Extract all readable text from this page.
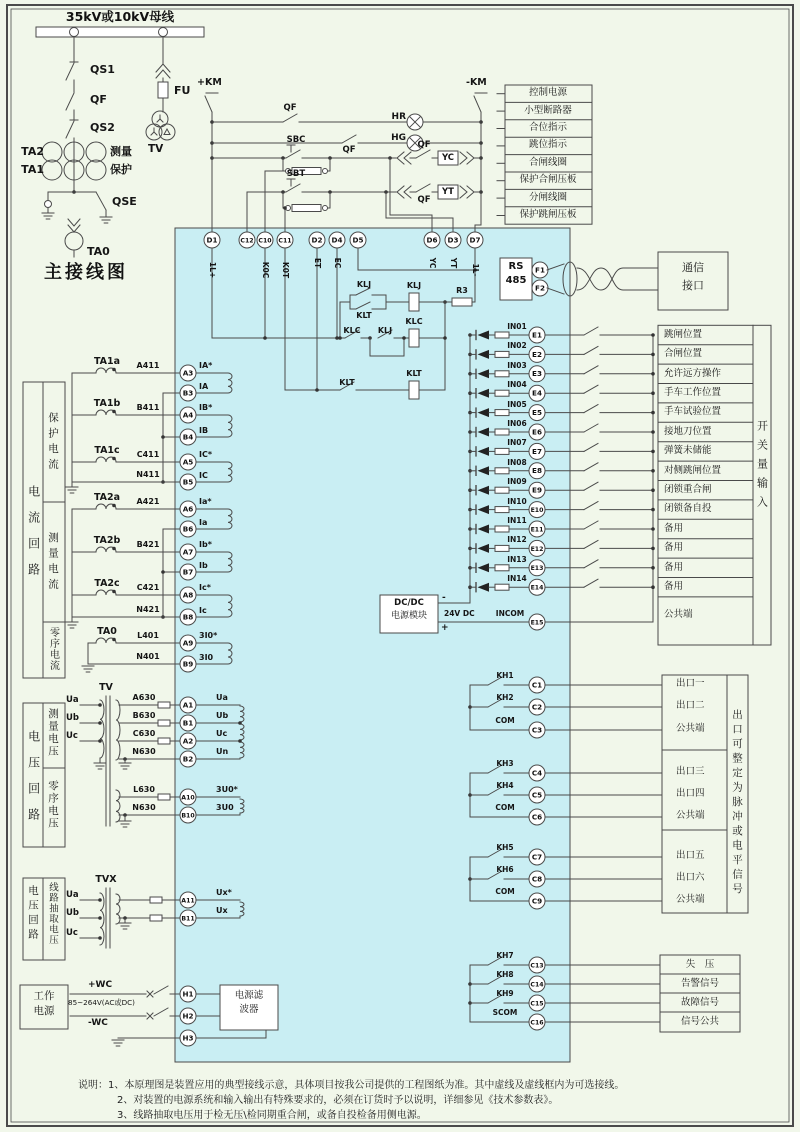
D1	C12 C10 C11	D2 D4 D5	D6 D3 D7
F1
F2
E1
E2
E3
E4
E5
E6
E7
E8
E9
E10
E11
E12
E13
E14
E15
C1
C2
C3
C4
C5
C6
C7
C8
C9
C13
C14
C15
C16
A3
B3
A4
B4
A5
B5
A6
B6
A7
B7
A8
B8
A9
B9
A1
B1
A2
B2
A10
B10
A11
B11
H1
H2
H3
QS1
QF
QS2
TA2
TA1
测量
保护
QSE
TA0
FU
TV
+KM	-KM
QF
HR
QF
HG
SBC	QF
YC
SBT
QF
YT
控制电源
小型断路器
合位指示
跳位指示
合闸线圈
保护合闸压板
分闸线圈
保护跳闸压板
1L+	K0C K0T	ET EC	YC YT
1L-
KLC KLJ
KLC
KLT
KLT
KLJ
KLT
KLJ
R3
RS
485
通信
接口
IN01
IN02
IN03
IN04
IN05
IN06
IN07
IN08
IN09
IN10
IN11
IN12
IN13
IN14
跳闸位置
合闸位置
允许远方操作
手车工作位置
手车试验位置
接地刀位置
弹簧未储能
对侧跳闸位置
闭锁重合闸
闭锁备自投
备用
备用
备用
备用
公共端
开关量输入
DC/DC
电源模块
-
24V DC
+
INCOM
KH1
KH2
COM
KH3
KH4
COM
KH5
KH6
COM
出口一
出口二
公共端
出口三
出口四
公共端
出口五
出口六
公共端
出口可整定为脉冲或电平信号
KH7
KH8
KH9
SCOM
失　压
告警信号
故障信号
信号公共
TA1a A411	IA*
IA
TA1b B411	IB*
IB
TA1c C411	IC*
IC
TA2a A421	Ia*
Ia
TA2b B421	Ib*
Ib
TA2c C421	Ic*
Ic
TA0	L401	3I0*
3I0
N411
N421
N401
TV
Ua
Ub
Uc
A630	Ua
B630	Ub
C630	Uc
N630	Un
L630	3U0*
N630	3U0
TVX
Ua
Ub
Uc
Ux*
Ux
工作
电源
+WC
85~264V(AC或DC)
-WC
电源滤
波器
电流回路
保护电流
测量电流
零序电流
电压回路 测量电压
零序电压
电压回路 线路抽取电压
35kV或10kV母线
主接线图
说明：1、本原理图是装置应用的典型接线示意，具体项目按我公司提供的工程图纸为准。其中虚线及虚线框内为可选接线。
2、对装置的电源系统和输入输出有特殊要求的，必须在订货时予以说明，详细参见《技术参数表》。
3、线路抽取电压用于检无压\检同期重合闸，或备自投检备用侧电源。
